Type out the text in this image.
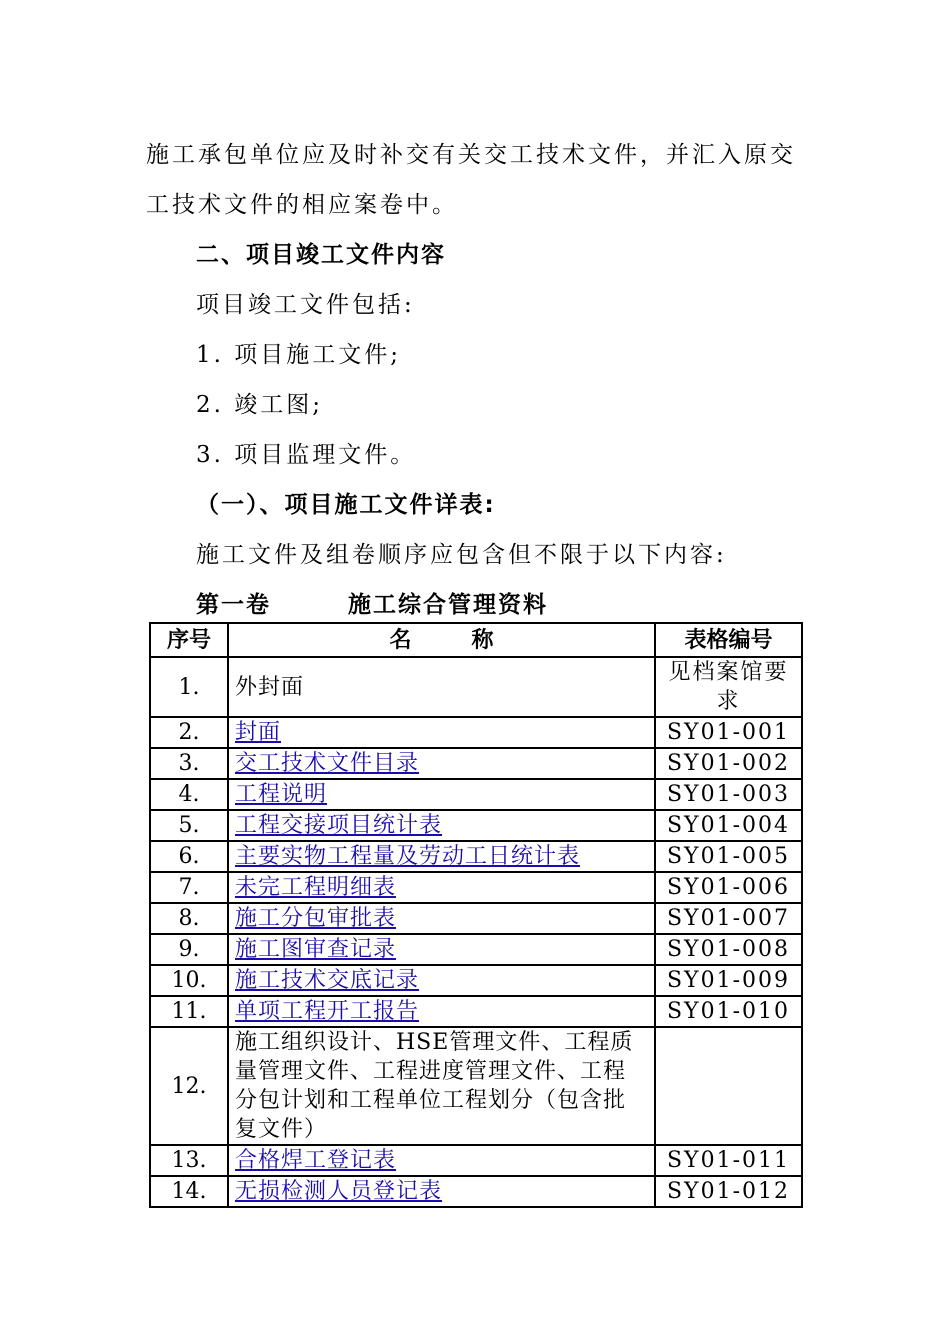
施工承包单位应及时补交有关交工技术文件，并汇入原交
工技术文件的相应案卷中。
二、项目竣工文件内容
项目竣工文件包括:
1. 项目施工文件;
2. 竣工图;
3. 项目监理文件。
（一）、项目施工文件详表:
施工文件及组卷顺序应包含但不限于以下内容:
第一卷	施工综合管理资料
序号	名 称	表格编号
1.	外封面	见档案馆要求
2.	封面	SY01-001
3.	交工技术文件目录	SY01-002
4.	工程说明	SY01-003
5.	工程交接项目统计表	SY01-004
6.	主要实物工程量及劳动工日统计表	SY01-005
7.	未完工程明细表	SY01-006
8.	施工分包审批表	SY01-007
9.	施工图审查记录	SY01-008
10.	施工技术交底记录	SY01-009
11.	单项工程开工报告	SY01-010
12.	施工组织设计、HSE管理文件、工程质量管理文件、工程进度管理文件、工程分包计划和工程单位工程划分（包含批复文件）	
13.	合格焊工登记表	SY01-011
14.	无损检测人员登记表	SY01-012
